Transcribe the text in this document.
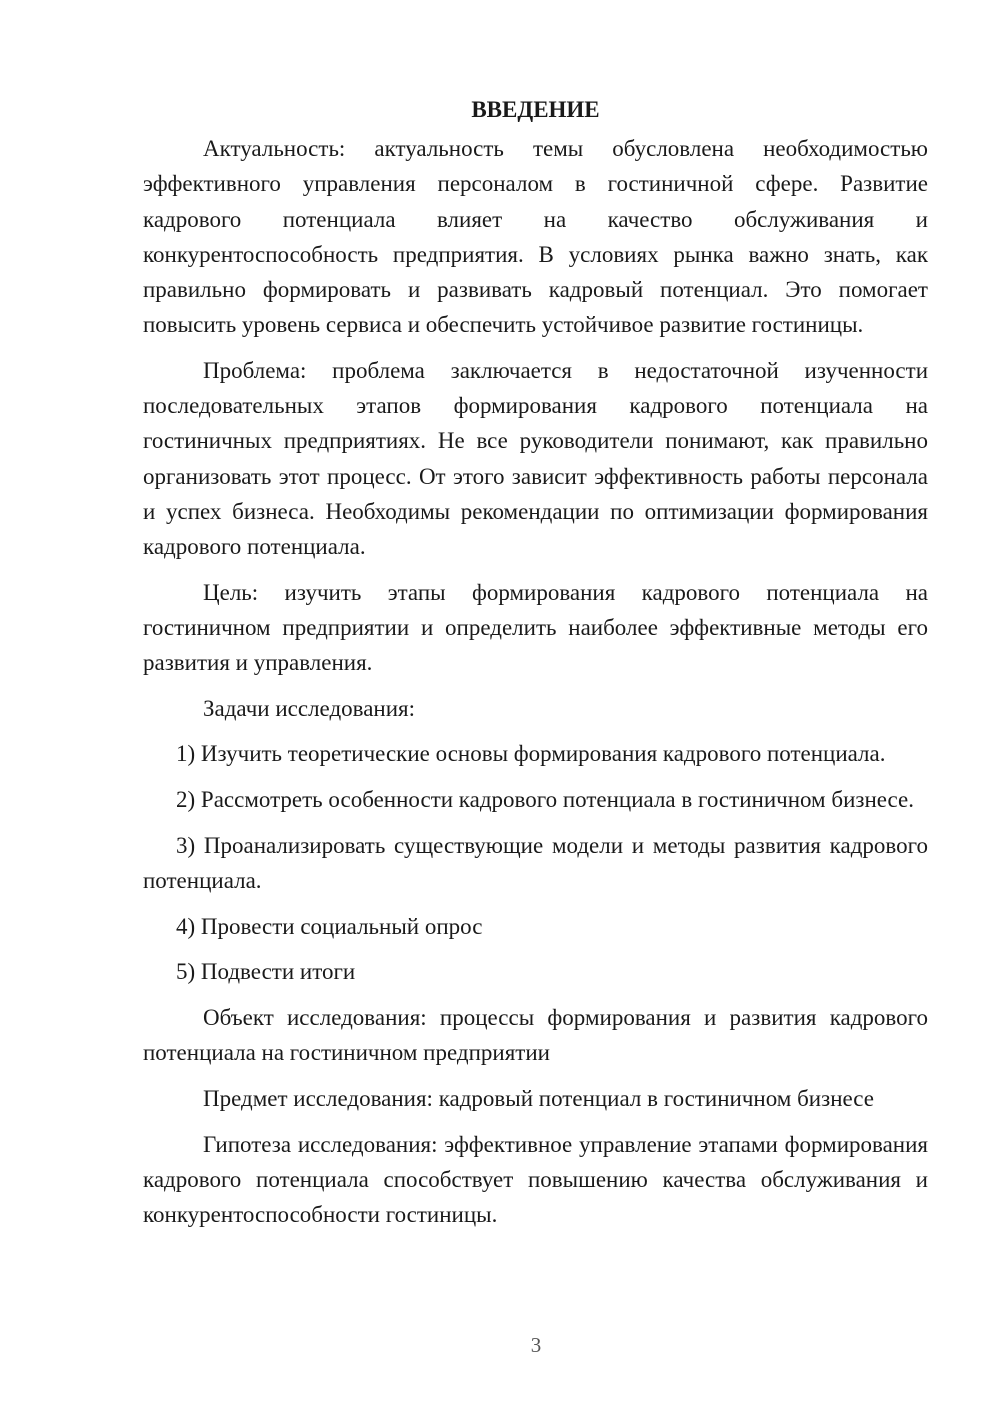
ВВЕДЕНИЕ

Актуальность: актуальность темы обусловлена необходимостью эффективного управления персоналом в гостиничной сфере. Развитие кадрового потенциала влияет на качество обслуживания и конкурентоспособность предприятия. В условиях рынка важно знать, как правильно формировать и развивать кадровый потенциал. Это помогает повысить уровень сервиса и обеспечить устойчивое развитие гостиницы.

Проблема: проблема заключается в недостаточной изученности последовательных этапов формирования кадрового потенциала на гостиничных предприятиях. Не все руководители понимают, как правильно организовать этот процесс. От этого зависит эффективность работы персонала и успех бизнеса. Необходимы рекомендации по оптимизации формирования кадрового потенциала.

Цель: изучить этапы формирования кадрового потенциала на гостиничном предприятии и определить наиболее эффективные методы его развития и управления.

Задачи исследования:

1) Изучить теоретические основы формирования кадрового потенциала.

2) Рассмотреть особенности кадрового потенциала в гостиничном бизнесе.

3) Проанализировать существующие модели и методы развития кадрового потенциала.

4) Провести социальный опрос

5) Подвести итоги

Объект исследования: процессы формирования и развития кадрового потенциала на гостиничном предприятии

Предмет исследования: кадровый потенциал в гостиничном бизнесе

Гипотеза исследования: эффективное управление этапами формирования кадрового потенциала способствует повышению качества обслуживания и конкурентоспособности гостиницы.

3
